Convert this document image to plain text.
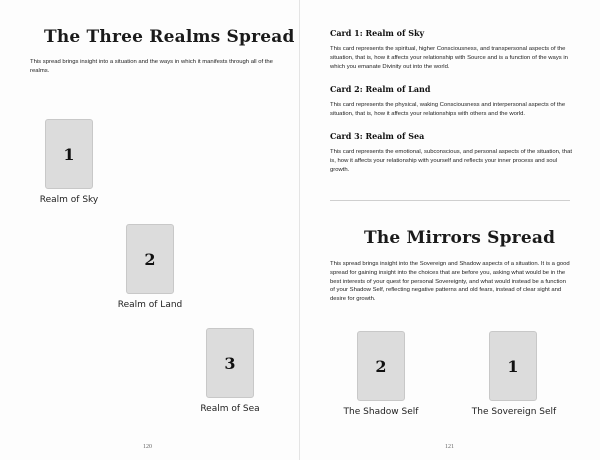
The Three Realms Spread
This spread brings insight into a situation and the ways in which it manifests through all of the realms.
1
Realm of Sky
2
Realm of Land
3
Realm of Sea
120
Card 1: Realm of Sky
This card represents the spiritual, higher Consciousness, and transpersonal aspects of the situation, that is, how it affects your relationship with Source and is a function of the ways in which you emanate Divinity out into the world.
Card 2: Realm of Land
This card represents the physical, waking Consciousness and interpersonal aspects of the situation, that is, how it affects your relationships with others and the world.
Card 3: Realm of Sea
This card represents the emotional, subconscious, and personal aspects of the situation, that is, how it affects your relationship with yourself and reflects your inner process and soul growth.
The Mirrors Spread
This spread brings insight into the Sovereign and Shadow aspects of a situation. It is a good spread for gaining insight into the choices that are before you, asking what would be in the best interests of your quest for personal Sovereignty, and what would instead be a function of your Shadow Self, reflecting negative patterns and old fears, instead of clear sight and desire for growth.
2
The Shadow Self
1
The Sovereign Self
121
